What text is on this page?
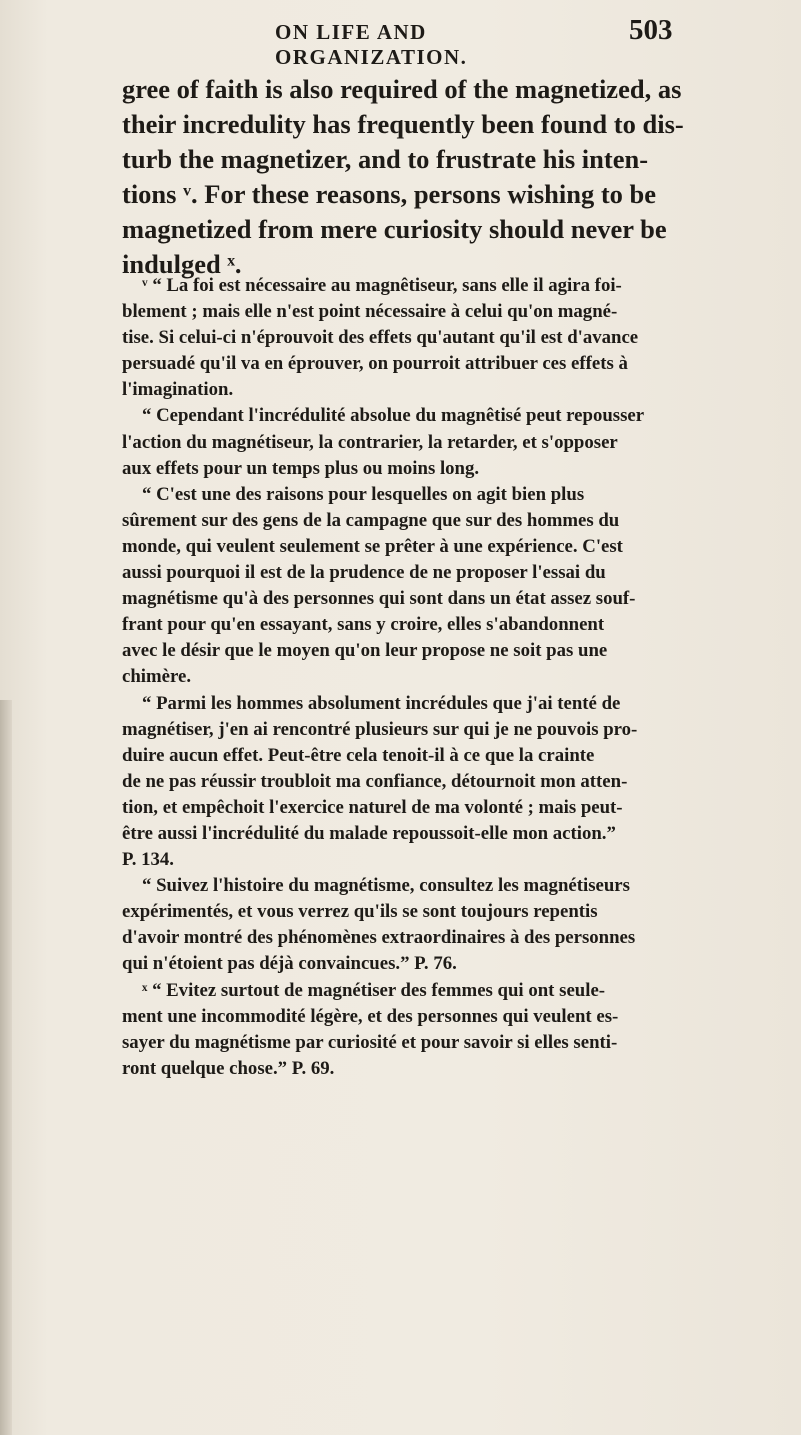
ON LIFE AND ORGANIZATION.
503
gree of faith is also required of the magnetized, as
their incredulity has frequently been found to dis-
turb the magnetizer, and to frustrate his inten-
tions ᵛ. For these reasons, persons wishing to be
magnetized from mere curiosity should never be
indulged ˣ.
ᵛ “ La foi est nécessaire au magnêtiseur, sans elle il agira foi-
blement ; mais elle n'est point nécessaire à celui qu'on magné-
tise. Si celui-ci n'éprouvoit des effets qu'autant qu'il est d'avance
persuadé qu'il va en éprouver, on pourroit attribuer ces effets à
l'imagination.
“ Cependant l'incrédulité absolue du magnêtisé peut repousser
l'action du magnétiseur, la contrarier, la retarder, et s'opposer
aux effets pour un temps plus ou moins long.
“ C'est une des raisons pour lesquelles on agit bien plus
sûrement sur des gens de la campagne que sur des hommes du
monde, qui veulent seulement se prêter à une expérience. C'est
aussi pourquoi il est de la prudence de ne proposer l'essai du
magnétisme qu'à des personnes qui sont dans un état assez souf-
frant pour qu'en essayant, sans y croire, elles s'abandonnent
avec le désir que le moyen qu'on leur propose ne soit pas une
chimère.
“ Parmi les hommes absolument incrédules que j'ai tenté de
magnétiser, j'en ai rencontré plusieurs sur qui je ne pouvois pro-
duire aucun effet. Peut-être cela tenoit-il à ce que la crainte
de ne pas réussir troubloit ma confiance, détournoit mon atten-
tion, et empêchoit l'exercice naturel de ma volonté ; mais peut-
être aussi l'incrédulité du malade repoussoit-elle mon action.”
P. 134.
“ Suivez l'histoire du magnétisme, consultez les magnétiseurs
expérimentés, et vous verrez qu'ils se sont toujours repentis
d'avoir montré des phénomènes extraordinaires à des personnes
qui n'étoient pas déjà convaincues.” P. 76.
ˣ “ Evitez surtout de magnétiser des femmes qui ont seule-
ment une incommodité légère, et des personnes qui veulent es-
sayer du magnétisme par curiosité et pour savoir si elles senti-
ront quelque chose.” P. 69.
